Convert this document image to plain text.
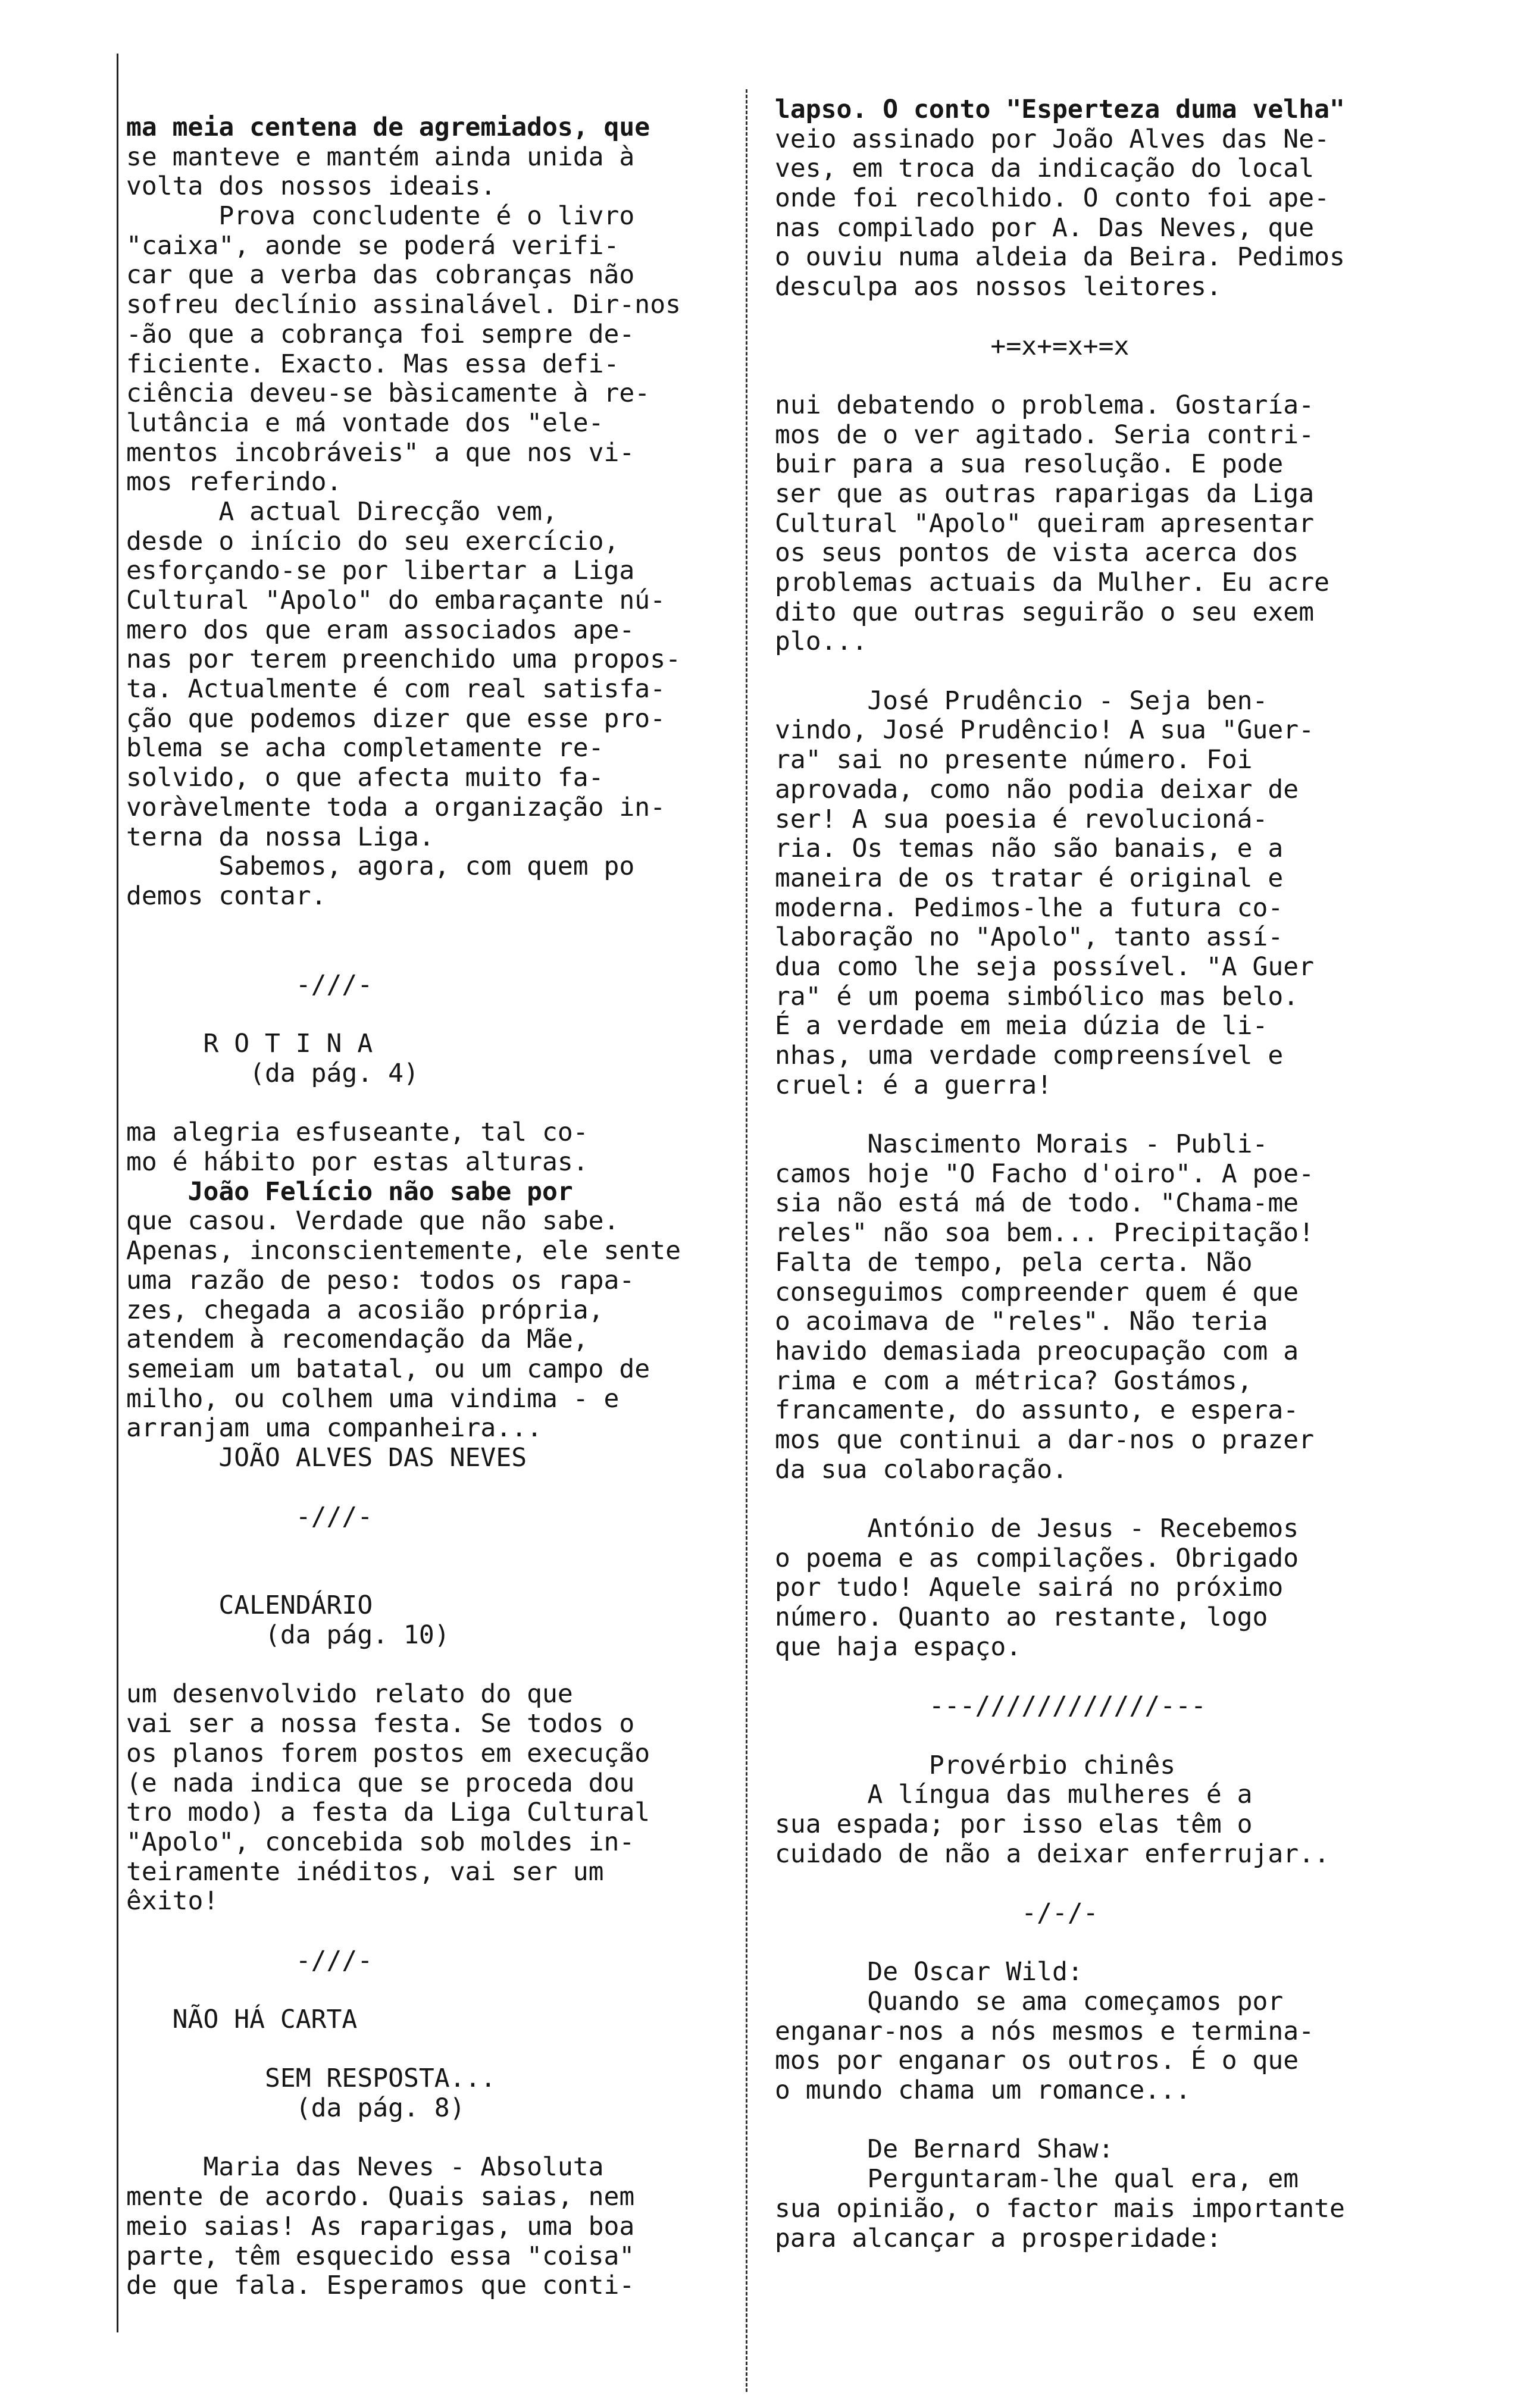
ma meia centena de agremiados, que
se manteve e mantém ainda unida à
volta dos nossos ideais.
Prova concludente é o livro
"caixa", aonde se poderá verifi-
car que a verba das cobranças não
sofreu declínio assinalável. Dir-nos
-ão que a cobrança foi sempre de-
ficiente. Exacto. Mas essa defi-
ciência deveu-se bàsicamente à re-
lutância e má vontade dos "ele-
mentos incobráveis" a que nos vi-
mos referindo.
A actual Direcção vem,
desde o início do seu exercício,
esforçando-se por libertar a Liga
Cultural "Apolo" do embaraçante nú-
mero dos que eram associados ape-
nas por terem preenchido uma propos-
ta. Actualmente é com real satisfa-
ção que podemos dizer que esse pro-
blema se acha completamente re-
solvido, o que afecta muito fa-
voràvelmente toda a organização in-
terna da nossa Liga.
Sabemos, agora, com quem po
demos contar.
-///-
R O T I N A
(da pág. 4)
ma alegria esfuseante, tal co-
mo é hábito por estas alturas.
João Felício não sabe por
que casou. Verdade que não sabe.
Apenas, inconscientemente, ele sente
uma razão de peso: todos os rapa-
zes, chegada a acosião própria,
atendem à recomendação da Mãe,
semeiam um batatal, ou um campo de
milho, ou colhem uma vindima - e
arranjam uma companheira...
JOÃO ALVES DAS NEVES
-///-
CALENDÁRIO
(da pág. 10)
um desenvolvido relato do que
vai ser a nossa festa. Se todos o
os planos forem postos em execução
(e nada indica que se proceda dou
tro modo) a festa da Liga Cultural
"Apolo", concebida sob moldes in-
teiramente inéditos, vai ser um
êxito!
-///-
NÃO HÁ CARTA
SEM RESPOSTA...
(da pág. 8)
Maria das Neves - Absoluta
mente de acordo. Quais saias, nem
meio saias! As raparigas, uma boa
parte, têm esquecido essa "coisa"
de que fala. Esperamos que conti-
lapso. O conto "Esperteza duma velha"
veio assinado por João Alves das Ne-
ves, em troca da indicação do local
onde foi recolhido. O conto foi ape-
nas compilado por A. Das Neves, que
o ouviu numa aldeia da Beira. Pedimos
desculpa aos nossos leitores.
+=x+=x+=x
nui debatendo o problema. Gostaría-
mos de o ver agitado. Seria contri-
buir para a sua resolução. E pode
ser que as outras raparigas da Liga
Cultural "Apolo" queiram apresentar
os seus pontos de vista acerca dos
problemas actuais da Mulher. Eu acre
dito que outras seguirão o seu exem
plo...
José Prudêncio - Seja ben-
vindo, José Prudêncio! A sua "Guer-
ra" sai no presente número. Foi
aprovada, como não podia deixar de
ser! A sua poesia é revolucioná-
ria. Os temas não são banais, e a
maneira de os tratar é original e
moderna. Pedimos-lhe a futura co-
laboração no "Apolo", tanto assí-
dua como lhe seja possível. "A Guer
ra" é um poema simbólico mas belo.
É a verdade em meia dúzia de li-
nhas, uma verdade compreensível e
cruel: é a guerra!
Nascimento Morais - Publi-
camos hoje "O Facho d'oiro". A poe-
sia não está má de todo. "Chama-me
reles" não soa bem... Precipitação!
Falta de tempo, pela certa. Não
conseguimos compreender quem é que
o acoimava de "reles". Não teria
havido demasiada preocupação com a
rima e com a métrica? Gostámos,
francamente, do assunto, e espera-
mos que continui a dar-nos o prazer
da sua colaboração.
António de Jesus - Recebemos
o poema e as compilações. Obrigado
por tudo! Aquele sairá no próximo
número. Quanto ao restante, logo
que haja espaço.
---////////////---
Provérbio chinês
A língua das mulheres é a
sua espada; por isso elas têm o
cuidado de não a deixar enferrujar..
-/-/-
De Oscar Wild:
Quando se ama começamos por
enganar-nos a nós mesmos e termina-
mos por enganar os outros. É o que
o mundo chama um romance...
De Bernard Shaw:
Perguntaram-lhe qual era, em
sua opinião, o factor mais importante
para alcançar a prosperidade:
